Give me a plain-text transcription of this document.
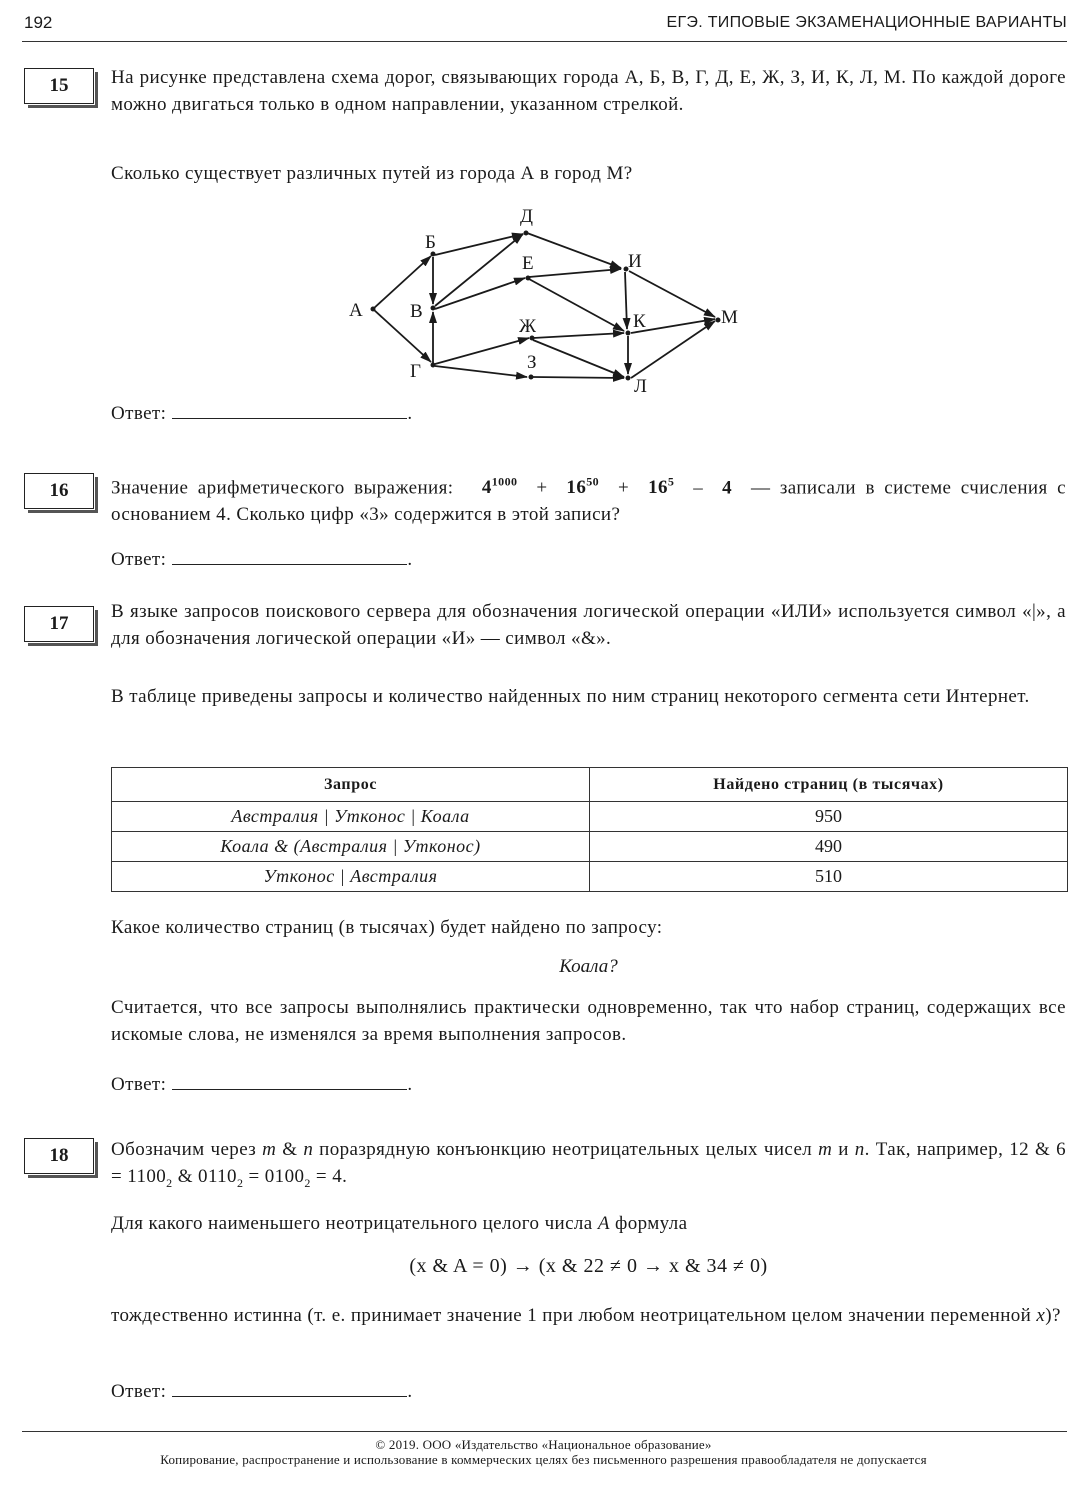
192	ЕГЭ. ТИПОВЫЕ ЭКЗАМЕНАЦИОННЫЕ ВАРИАНТЫ
15	На рисунке представлена схема дорог, связывающих города А, Б, В, Г, Д, Е, Ж, З, И, К, Л, М. По каждой дороге можно двигаться только в одном направлении, указанном стрелкой.
Сколько существует различных путей из города А в город М?
А
Б
В
Г
Д
Е
Ж
З
И
К
Л
М
Ответ:	.
16	Значение арифметического выражения: $4^{1000} + 16^{50} + 16^5 - 4$ — записали в системе счисления с основанием 4. Сколько цифр «3» содержится в этой записи?
Ответ:	.
17
В языке запросов поискового сервера для обозначения логической операции «ИЛИ» используется символ «|», а для обозначения логической операции «И» — символ «&».
В таблице приведены запросы и количество найденных по ним страниц некоторого сегмента сети Интернет.
Запрос	Найдено страниц (в тысячах)
Австралия | Утконос | Коала	950
Коала & (Австралия | Утконос)	490
Утконос | Австралия	510
Какое количество страниц (в тысячах) будет найдено по запросу:
Коала?
Считается, что все запросы выполнялись практически одновременно, так что набор страниц, содержащих все искомые слова, не изменялся за время выполнения запросов.
Ответ:	.
18	Обозначим через m & n поразрядную конъюнкцию неотрицательных целых чисел m и n. Так, например, 12 & $6 = 1100_2$ & $0110_2 = 0100_2 = 4$.
Для какого наименьшего неотрицательного целого числа A формула
(x & A = 0) → (x & 22 ≠ 0 → x & 34 ≠ 0)
тождественно истинна (т. е. принимает значение 1 при любом неотрицательном целом значении переменной x)?
Ответ:	.
© 2019. ООО «Издательство «Национальное образование»
Копирование, распространение и использование в коммерческих целях без письменного разрешения правообладателя не допускается
